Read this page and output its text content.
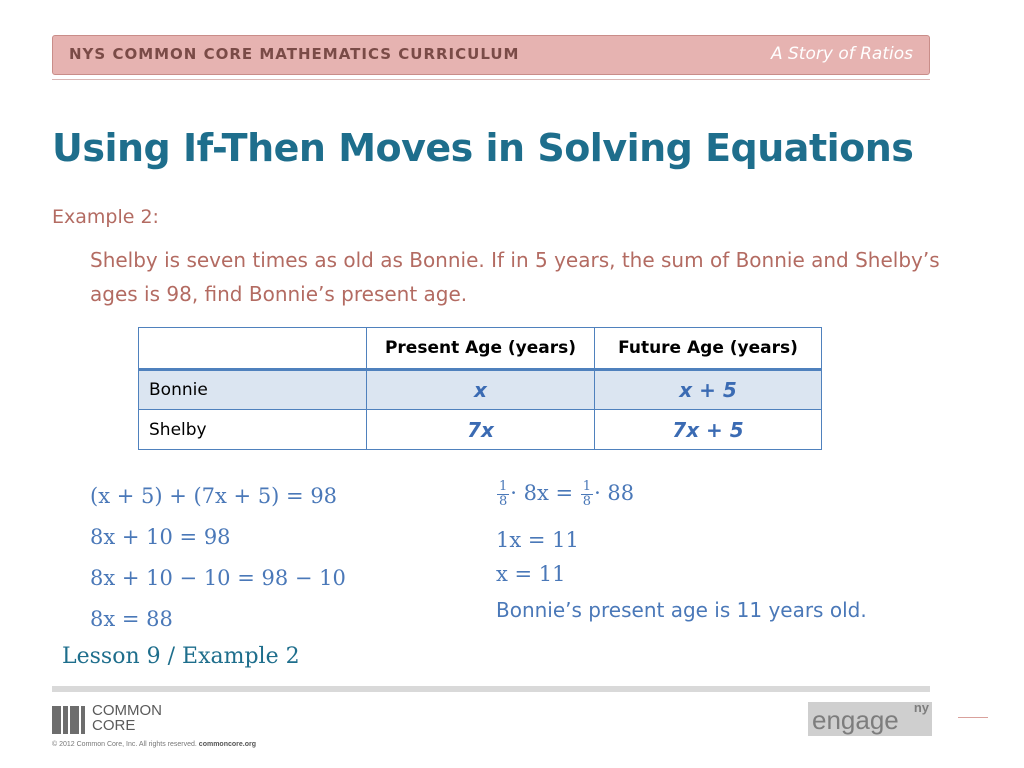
NYS COMMON CORE MATHEMATICS CURRICULUM	A Story of Ratios
Using If-Then Moves in Solving Equations
Example 2:
Shelby is seven times as old as Bonnie. If in 5 years, the sum of Bonnie and Shelby’s ages is 98, find Bonnie’s present age.
	Present Age (years)	Future Age (years)
Bonnie	x	x + 5
Shelby	7x	7x + 5
(x + 5) + (7x + 5) = 98
8x + 10 = 98
8x + 10 − 10 = 98 − 10
8x = 88
$\frac{1}{8} \cdot 8x = \frac{1}{8} \cdot 88$
1x = 11
x = 11
Bonnie’s present age is 11 years old.
Lesson 9 / Example 2
COMMON
CORE
© 2012 Common Core, Inc. All rights reserved. commoncore.org
engage ny
